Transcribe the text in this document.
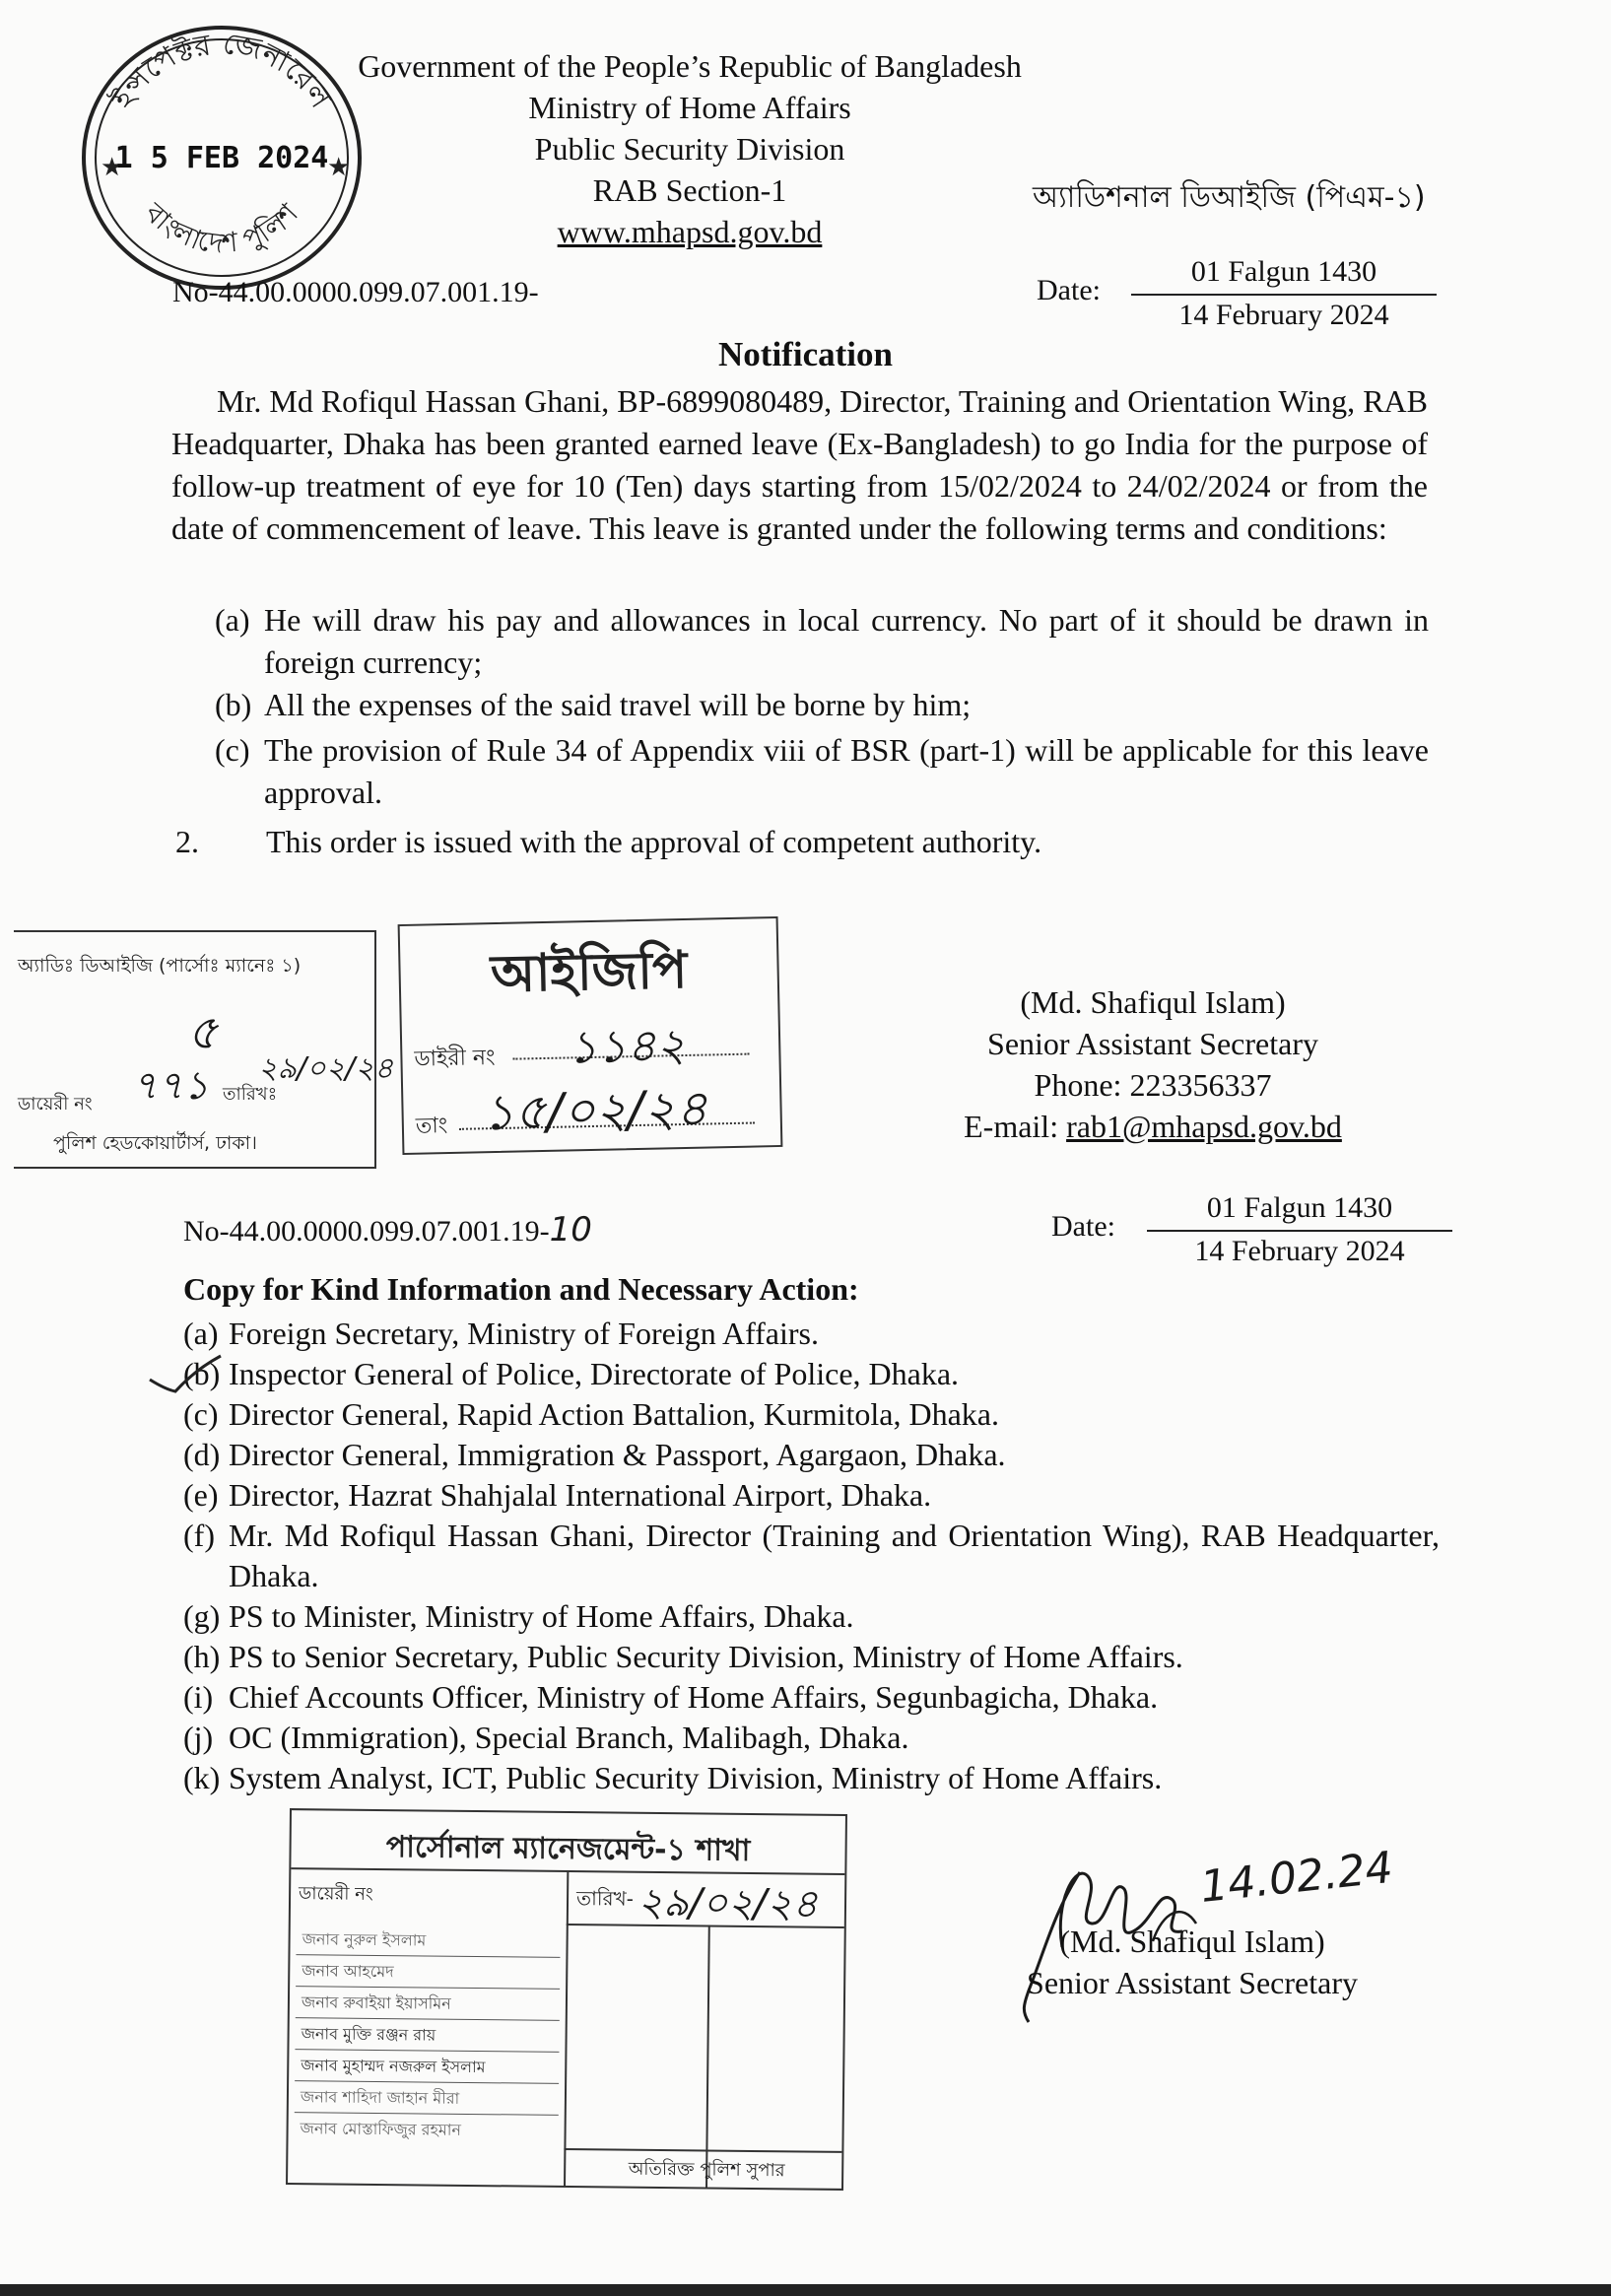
ইন্সপেক্টর জেনারেল
বাংলাদেশ পুলিশ
★	★
1 5 FEB 2024
Government of the People’s Republic of Bangladesh
Ministry of Home Affairs
Public Security Division
RAB Section-1
www.mhapsd.gov.bd
অ্যাডিশনাল ডিআইজি (পিএম-১)
No-44.00.0000.099.07.001.19-	Date:
01 Falgun 1430
14 February 2024
Notification
Mr. Md Rofiqul Hassan Ghani, BP-6899080489, Director, Training and Orientation Wing, RAB Headquarter, Dhaka has been granted earned leave (Ex-Bangladesh) to go India for the purpose of follow-up treatment of eye for 10 (Ten) days starting from 15/02/2024 to 24/02/2024 or from the date of commencement of leave. This leave is granted under the following terms and conditions:
(a) He will draw his pay and allowances in local currency. No part of it should be drawn in foreign currency;
(b) All the expenses of the said travel will be borne by him;
(c) The provision of Rule 34 of Appendix viii of BSR (part-1) will be applicable for this leave approval.
2. This order is issued with the approval of competent authority.
অ্যাডিঃ ডিআইজি (পার্সোঃ ম্যানেঃ ১)
৫
৭৭১ ২৯/০২/২৪
ডায়েরী নং	তারিখঃ
পুলিশ হেডকোয়ার্টার্স, ঢাকা।
আইজিপি
ডাইরী নং ১১৪২
তাং ১৫/০২/২৪
(Md. Shafiqul Islam)
Senior Assistant Secretary
Phone: 223356337
E-mail: rab1@mhapsd.gov.bd
No-44.00.0000.099.07.001.19-10	Date:
01 Falgun 1430
14 February 2024
Copy for Kind Information and Necessary Action:
(a) Foreign Secretary, Ministry of Foreign Affairs.
(b) Inspector General of Police, Directorate of Police, Dhaka.
(c) Director General, Rapid Action Battalion, Kurmitola, Dhaka.
(d) Director General, Immigration & Passport, Agargaon, Dhaka.
(e) Director, Hazrat Shahjalal International Airport, Dhaka.
(f) Mr. Md Rofiqul Hassan Ghani, Director (Training and Orientation Wing), RAB Headquarter, Dhaka.
(g) PS to Minister, Ministry of Home Affairs, Dhaka.
(h) PS to Senior Secretary, Public Security Division, Ministry of Home Affairs.
(i) Chief Accounts Officer, Ministry of Home Affairs, Segunbagicha, Dhaka.
(j) OC (Immigration), Special Branch, Malibagh, Dhaka.
(k) System Analyst, ICT, Public Security Division, Ministry of Home Affairs.
পার্সোনাল ম্যানেজমেন্ট-১ শাখা
ডায়েরী নং	তারিখ- ২৯/০২/২৪
জনাব নুরুল ইসলাম
জনাব আহমেদ
জনাব রুবাইয়া ইয়াসমিন
জনাব মুক্তি রঞ্জন রায়
জনাব মুহাম্মদ নজরুল ইসলাম
জনাব শাহিদা জাহান মীরা
জনাব মোস্তাফিজুর রহমান
অতিরিক্ত পুলিশ সুপার
14.02.24
(Md. Shafiqul Islam)
Senior Assistant Secretary
